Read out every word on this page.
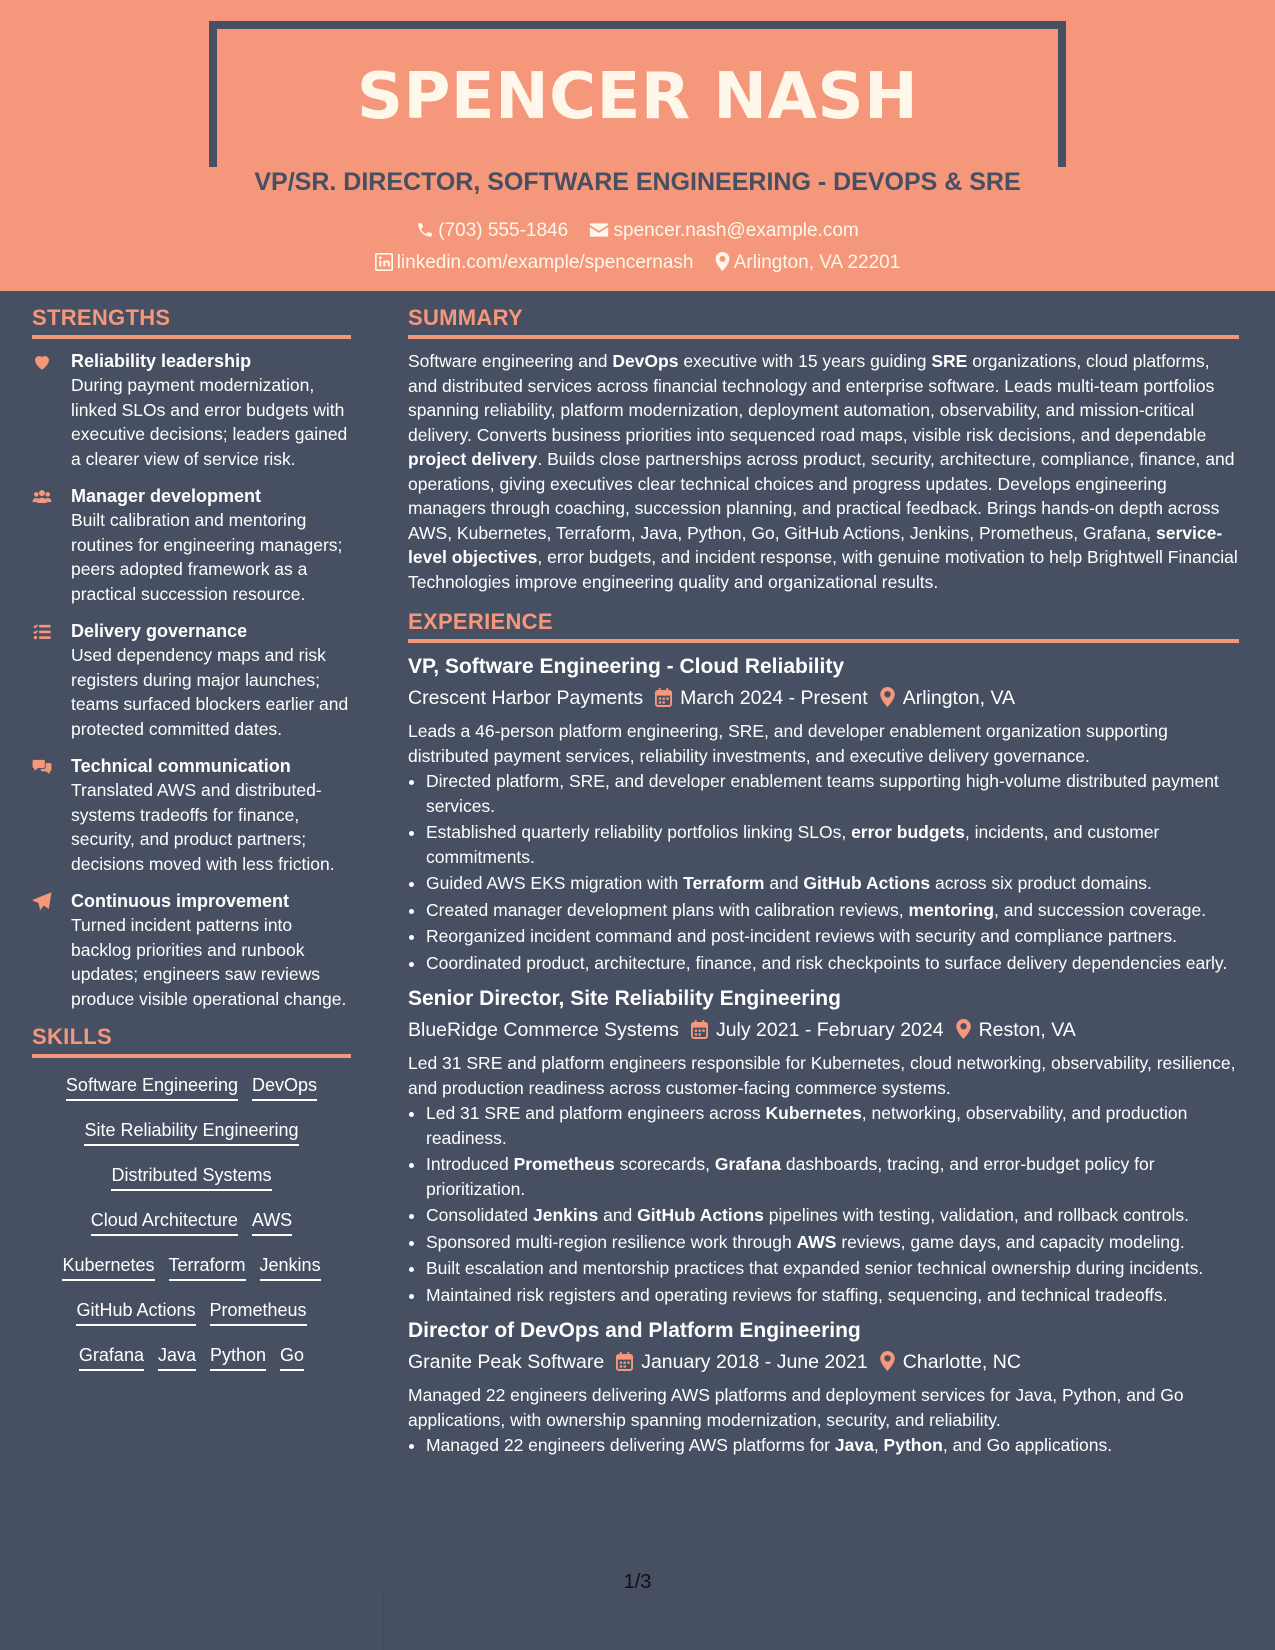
SPENCER NASH
VP/SR. DIRECTOR, SOFTWARE ENGINEERING - DEVOPS & SRE
(703) 555-1846 spencer.nash@example.com
linkedin.com/example/spencernash Arlington, VA 22201
STRENGTHS
Reliability leadership
During payment modernization, linked SLOs and error budgets with executive decisions; leaders gained a clearer view of service risk.
Manager development
Built calibration and mentoring routines for engineering managers; peers adopted framework as a practical succession resource.
Delivery governance
Used dependency maps and risk registers during major launches; teams surfaced blockers earlier and protected committed dates.
Technical communication
Translated AWS and distributed-systems tradeoffs for finance, security, and product partners; decisions moved with less friction.
Continuous improvement
Turned incident patterns into backlog priorities and runbook updates; engineers saw reviews produce visible operational change.
SKILLS
Software Engineering DevOps
Site Reliability Engineering
Distributed Systems
Cloud Architecture AWS
Kubernetes Terraform Jenkins
GitHub Actions Prometheus
Grafana Java Python Go
SUMMARY
Software engineering and DevOps executive with 15 years guiding SRE organizations, cloud platforms, and distributed services across financial technology and enterprise software. Leads multi-team portfolios spanning reliability, platform modernization, deployment automation, observability, and mission-critical delivery. Converts business priorities into sequenced road maps, visible risk decisions, and dependable project delivery. Builds close partnerships across product, security, architecture, compliance, finance, and operations, giving executives clear technical choices and progress updates. Develops engineering managers through coaching, succession planning, and practical feedback. Brings hands-on depth across AWS, Kubernetes, Terraform, Java, Python, Go, GitHub Actions, Jenkins, Prometheus, Grafana, service-level objectives, error budgets, and incident response, with genuine motivation to help Brightwell Financial Technologies improve engineering quality and organizational results.
EXPERIENCE
VP, Software Engineering - Cloud Reliability
Crescent Harbor Payments March 2024 - Present Arlington, VA
Leads a 46-person platform engineering, SRE, and developer enablement organization supporting distributed payment services, reliability investments, and executive delivery governance.
• Directed platform, SRE, and developer enablement teams supporting high-volume distributed payment services.
• Established quarterly reliability portfolios linking SLOs, error budgets, incidents, and customer commitments.
• Guided AWS EKS migration with Terraform and GitHub Actions across six product domains.
• Created manager development plans with calibration reviews, mentoring, and succession coverage.
• Reorganized incident command and post-incident reviews with security and compliance partners.
• Coordinated product, architecture, finance, and risk checkpoints to surface delivery dependencies early.
Senior Director, Site Reliability Engineering
BlueRidge Commerce Systems July 2021 - February 2024 Reston, VA
Led 31 SRE and platform engineers responsible for Kubernetes, cloud networking, observability, resilience, and production readiness across customer-facing commerce systems.
• Led 31 SRE and platform engineers across Kubernetes, networking, observability, and production readiness.
• Introduced Prometheus scorecards, Grafana dashboards, tracing, and error-budget policy for prioritization.
• Consolidated Jenkins and GitHub Actions pipelines with testing, validation, and rollback controls.
• Sponsored multi-region resilience work through AWS reviews, game days, and capacity modeling.
• Built escalation and mentorship practices that expanded senior technical ownership during incidents.
• Maintained risk registers and operating reviews for staffing, sequencing, and technical tradeoffs.
Director of DevOps and Platform Engineering
Granite Peak Software January 2018 - June 2021 Charlotte, NC
Managed 22 engineers delivering AWS platforms and deployment services for Java, Python, and Go applications, with ownership spanning modernization, security, and reliability.
• Managed 22 engineers delivering AWS platforms for Java, Python, and Go applications.
1/3
